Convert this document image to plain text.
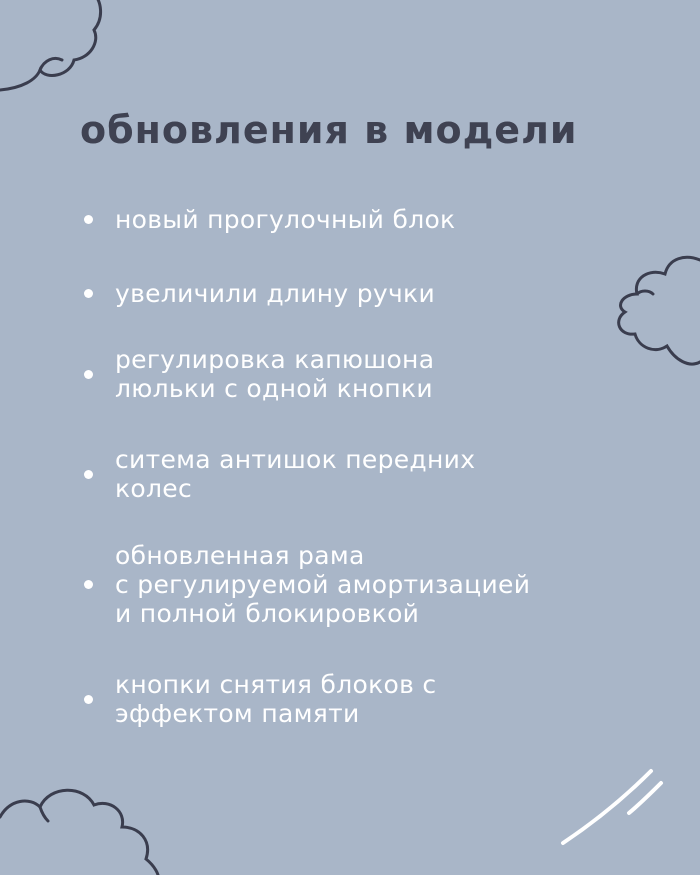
обновления в модели
новый прогулочный блок
увеличили длину ручки
регулировка капюшона
люльки с одной кнопки
ситема антишок передних
колес
обновленная рама
с регулируемой амортизацией
и полной блокировкой
кнопки снятия блоков с
эффектом памяти
